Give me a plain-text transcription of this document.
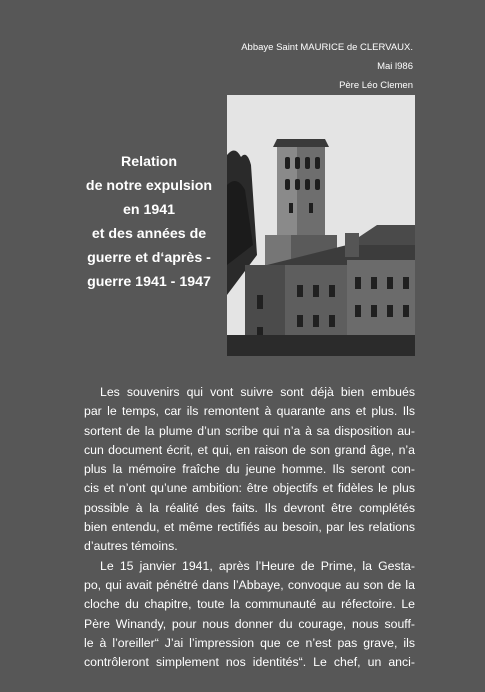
Abbaye Saint MAURICE de CLERVAUX.
Mai l986
Père Léo Clemen
Relation
de notre expulsion
en 1941
et des années de
guerre et d‘après -
guerre 1941 - 1947
Les souvenirs qui vont suivre sont déjà bien embués
par le temps, car ils remontent à quarante ans et plus. Ils
sortent de la plume d’un scribe qui n’a à sa disposition au-
cun document écrit, et qui, en raison de son grand âge, n’a
plus la mémoire fraîche du jeune homme. Ils seront con-
cis et n’ont qu’une ambition: être objectifs et fidèles le plus
possible à la réalité des faits. Ils devront être complétés
bien entendu, et même rectifiés au besoin, par les relations
d’autres témoins.
Le 15 janvier 1941, après l’Heure de Prime, la Gesta-
po, qui avait pénétré dans l’Abbaye, convoque au son de la
cloche du chapitre, toute la communauté au réfectoire. Le
Père Winandy, pour nous donner du courage, nous souff-
le à l’oreiller“ J’ai l’impression que ce n’est pas grave, ils
contrôleront simplement nos identités“. Le chef, un anci-
